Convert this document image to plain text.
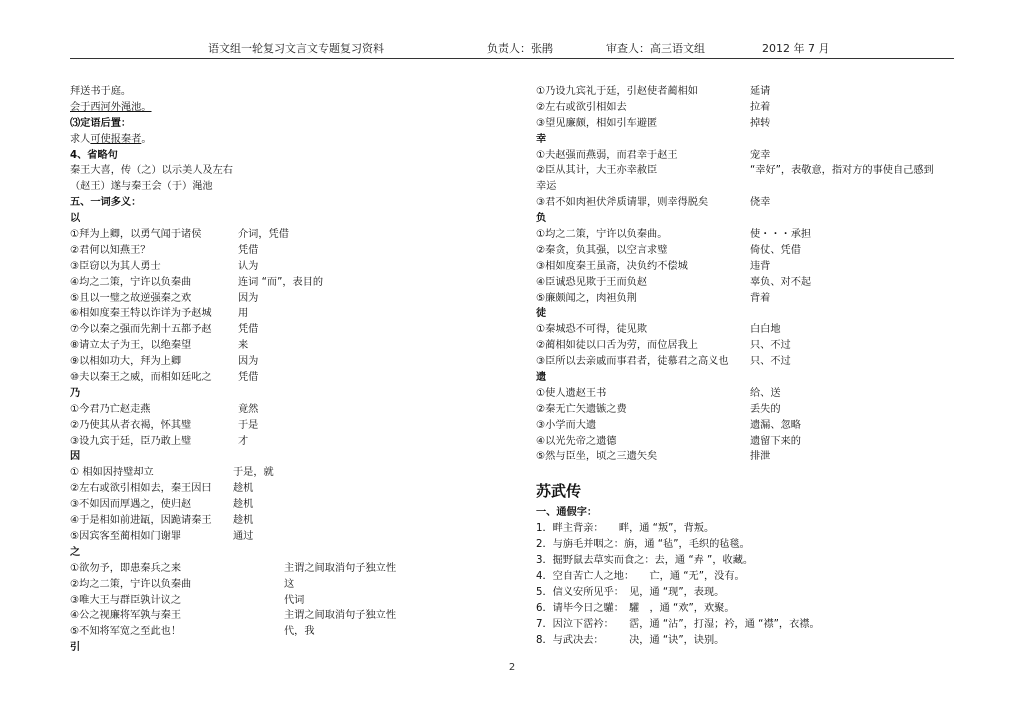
语文组一轮复习文言文专题复习资料	负责人：张鹃	审查人：高三语文组	2012 年 7 月
拜送书于庭。
会于西河外渑池。
⑶定语后置：
求人可使报秦者。
4、省略句
秦王大喜，传（之）以示美人及左右
（赵王）遂与秦王会（于）渑池
五、一词多义：
以
①拜为上卿，以勇气闻于诸侯	介词，凭借
②君何以知燕王？	凭借
③臣窃以为其人勇士	认为
④均之二策，宁许以负秦曲	连词 “而”，表目的
⑤且以一璧之故逆强秦之欢	因为
⑥相如度秦王特以诈详为予赵城	用
⑦今以秦之强而先割十五都予赵	凭借
⑧请立太子为王，以绝秦望	来
⑨以相如功大，拜为上卿	因为
⑩夫以秦王之威，而相如廷叱之	凭借
乃
①今君乃亡赵走燕	竟然
②乃使其从者衣褐，怀其璧	于是
③设九宾于廷，臣乃敢上璧	才
因
① 相如因持璧却立	于是，就
②左右或欲引相如去，秦王因曰 趁机
③不如因而厚遇之，使归赵	趁机
④于是相如前进缻，因跪请秦王 趁机
⑤因宾客至蔺相如门谢罪	通过
之
①欲勿予，即患秦兵之来	主谓之间取消句子独立性
②均之二策，宁许以负秦曲	这
③唯大王与群臣孰计议之	代词
④公之视廉将军孰与秦王	主谓之间取消句子独立性
⑤不知将军宽之至此也！	代，我
引
①乃设九宾礼于廷，引赵使者蔺相如	延请
②左右或欲引相如去	拉着
③望见廉颇，相如引车避匿	掉转
幸
①夫赵强而燕弱，而君幸于赵王	宠幸
②臣从其计，大王亦幸赦臣	“幸好”，表敬意，指对方的事使自己感到
幸运
③君不如肉袒伏斧质请罪，则幸得脱矣	侥幸
负
①均之二策，宁许以负秦曲。	使・・・承担
②秦贪，负其强，以空言求璧	倚仗、凭借
③相如度秦王虽斋，决负约不偿城	违背
④臣诚恐见欺于王而负赵	辜负、对不起
⑤廉颇闻之，肉袒负荆	背着
徒
①秦城恐不可得，徒见欺	白白地
②蔺相如徒以口舌为劳，而位居我上	只、不过
③臣所以去亲戚而事君者，徒慕君之高义也 只、不过
遗
①使人遗赵王书	给、送
②秦无亡矢遗镞之费	丢失的
③小学而大遗	遗漏、忽略
④以光先帝之遗德	遗留下来的
⑤然与臣坐，顷之三遗矢矣	排泄
苏武传
一、通假字：
1．畔主背亲：　　畔，通 “叛”，背叛。
2．与旃毛并咽之：旃，通 “毡”，毛织的毡毯。
3．掘野鼠去草实而食之：去，通 “弆 ”，收藏。
4．空自苦亡人之地：　　亡，通 “无”，没有。
5．信义安所见乎：　见，通 “现”，表现。
6．请毕今日之驩：　驩　，通 “欢”，欢聚。
7．因泣下霑衿：　　霑，通 “沾”，打湿；衿，通 “襟”，衣襟。
8．与武决去：　　　决，通 “诀”，诀别。
2
